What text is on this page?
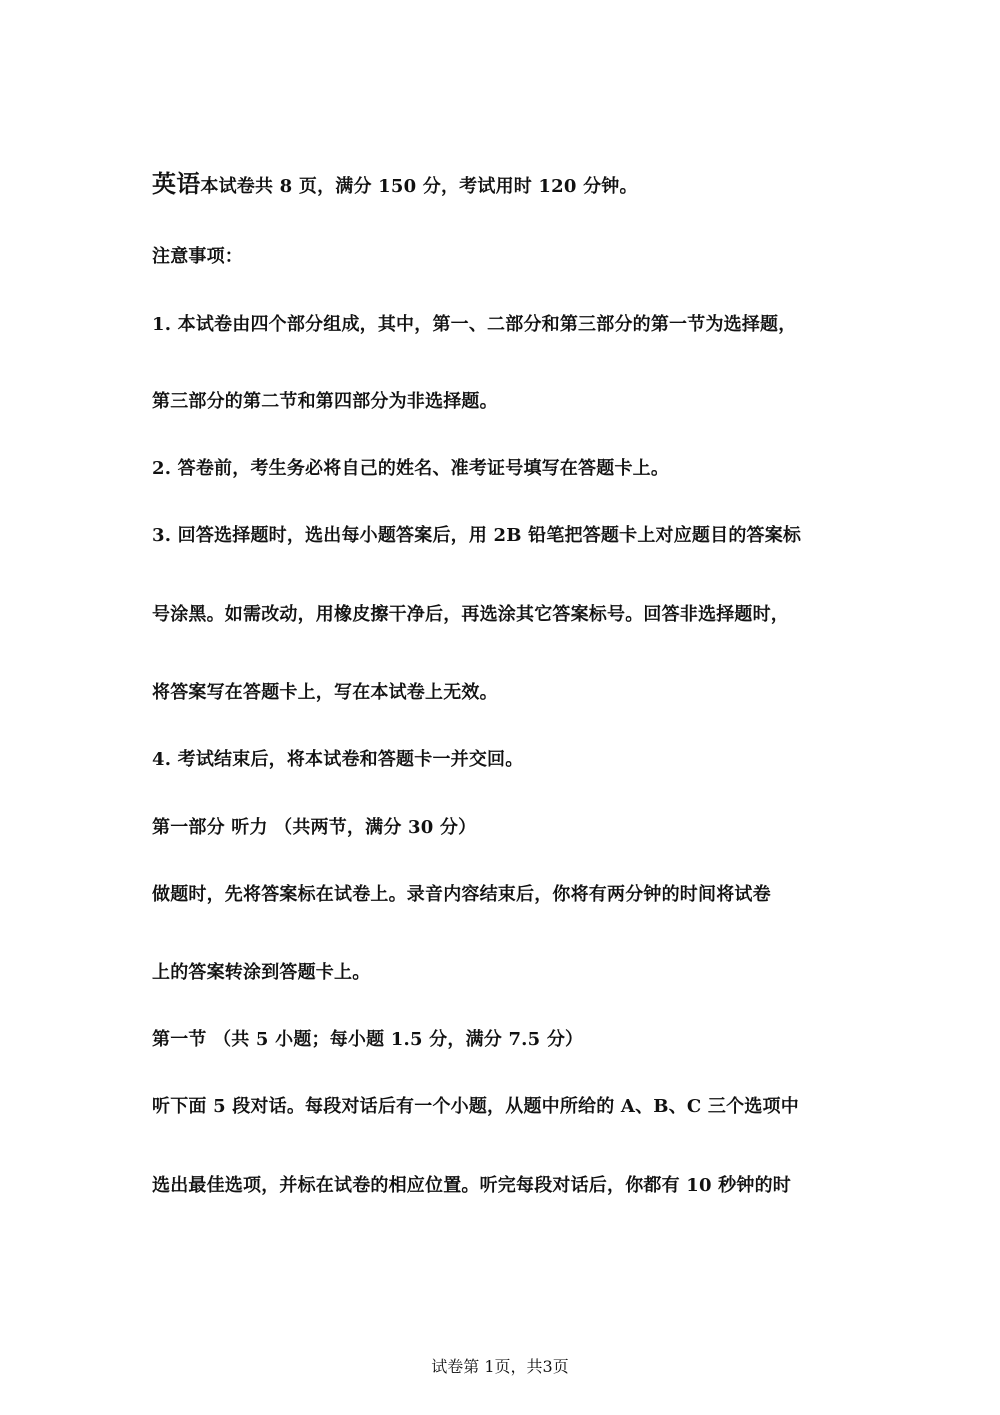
英语本试卷共 8 页，满分 150 分，考试用时 120 分钟。
注意事项：
1. 本试卷由四个部分组成，其中，第一、二部分和第三部分的第一节为选择题，
第三部分的第二节和第四部分为非选择题。
2. 答卷前，考生务必将自己的姓名、准考证号填写在答题卡上。
3. 回答选择题时，选出每小题答案后，用 2B 铅笔把答题卡上对应题目的答案标
号涂黑。如需改动，用橡皮擦干净后，再选涂其它答案标号。回答非选择题时，
将答案写在答题卡上，写在本试卷上无效。
4. 考试结束后，将本试卷和答题卡一并交回。
第一部分 听力 （共两节，满分 30 分）
做题时，先将答案标在试卷上。录音内容结束后，你将有两分钟的时间将试卷
上的答案转涂到答题卡上。
第一节 （共 5 小题；每小题 1.5 分，满分 7.5 分）
听下面 5 段对话。每段对话后有一个小题，从题中所给的 A、B、C 三个选项中
选出最佳选项，并标在试卷的相应位置。听完每段对话后，你都有 10 秒钟的时
试卷第 1页，共3页
